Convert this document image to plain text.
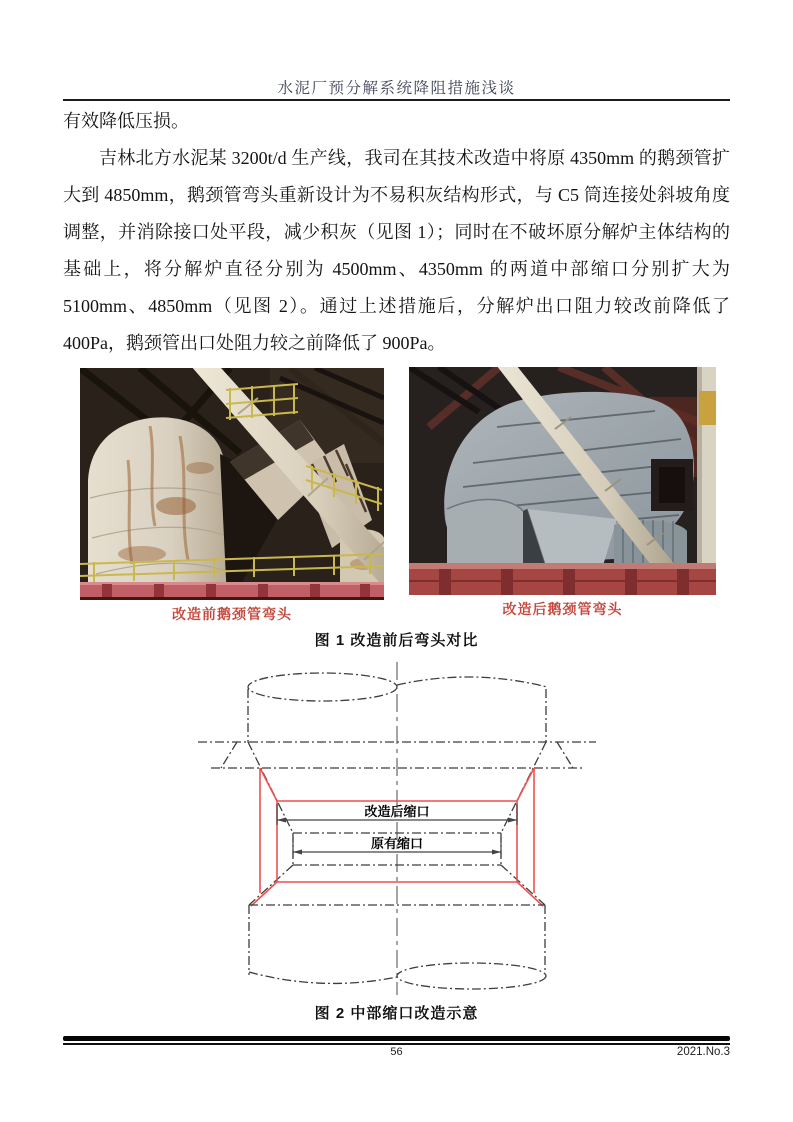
水泥厂预分解系统降阻措施浅谈

有效降低压损。

吉林北方水泥某 3200t/d 生产线，我司在其技术改造中将原 4350mm 的鹅颈管扩大到 4850mm，鹅颈管弯头重新设计为不易积灰结构形式，与 C5 筒连接处斜坡角度调整，并消除接口处平段，减少积灰（见图 1）；同时在不破坏原分解炉主体结构的基础上，将分解炉直径分别为 4500mm、4350mm 的两道中部缩口分别扩大为 5100mm、4850mm（见图 2）。通过上述措施后，分解炉出口阻力较改前降低了 400Pa，鹅颈管出口处阻力较之前降低了 900Pa。

改造前鹅颈管弯头	改造后鹅颈管弯头
图 1 改造前后弯头对比
改造后缩口
原有缩口
图 2 中部缩口改造示意
56	2021.No.3
